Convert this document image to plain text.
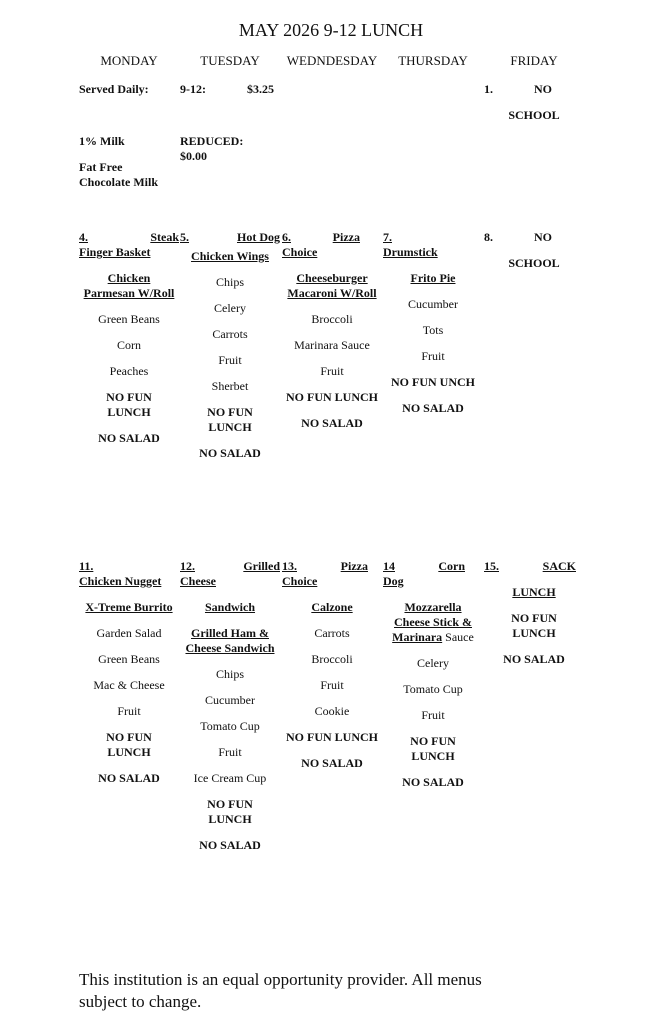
MAY 2026 9-12 LUNCH
MONDAY	TUESDAY	WEDNDESDAY	THURSDAY	FRIDAY
Served Daily:	9-12:	$3.25
1% Milk	REDUCED:
$0.00
Fat Free
Chocolate Milk
1.	NO
SCHOOL
4.	Steak
Finger Basket
Chicken
Parmesan W/Roll
Green Beans
Corn
Peaches
NO FUN
LUNCH
NO SALAD
5.	Hot Dog
Chicken Wings
Chips
Celery
Carrots
Fruit
Sherbet
NO FUN
LUNCH
NO SALAD
6.	Pizza
Choice
Cheeseburger
Macaroni W/Roll
Broccoli
Marinara Sauce
Fruit
NO FUN LUNCH
NO SALAD
7.
Drumstick
Frito Pie
Cucumber
Tots
Fruit
NO FUN UNCH
NO SALAD
8.	NO
SCHOOL
11.
Chicken Nugget
X-Treme Burrito
Garden Salad
Green Beans
Mac & Cheese
Fruit
NO FUN
LUNCH
NO SALAD
12.	Grilled
Cheese
Sandwich
Grilled Ham &
Cheese Sandwich
Chips
Cucumber
Tomato Cup
Fruit
Ice Cream Cup
NO FUN
LUNCH
NO SALAD
13.	Pizza
Choice
Calzone
Carrots
Broccoli
Fruit
Cookie
NO FUN LUNCH
NO SALAD
14	Corn
Dog
Mozzarella
Cheese Stick &
Marinara Sauce
Celery
Tomato Cup
Fruit
NO FUN
LUNCH
NO SALAD
15.	SACK
LUNCH
NO FUN
LUNCH
NO SALAD
This institution is an equal opportunity provider. All menus
subject to change.
